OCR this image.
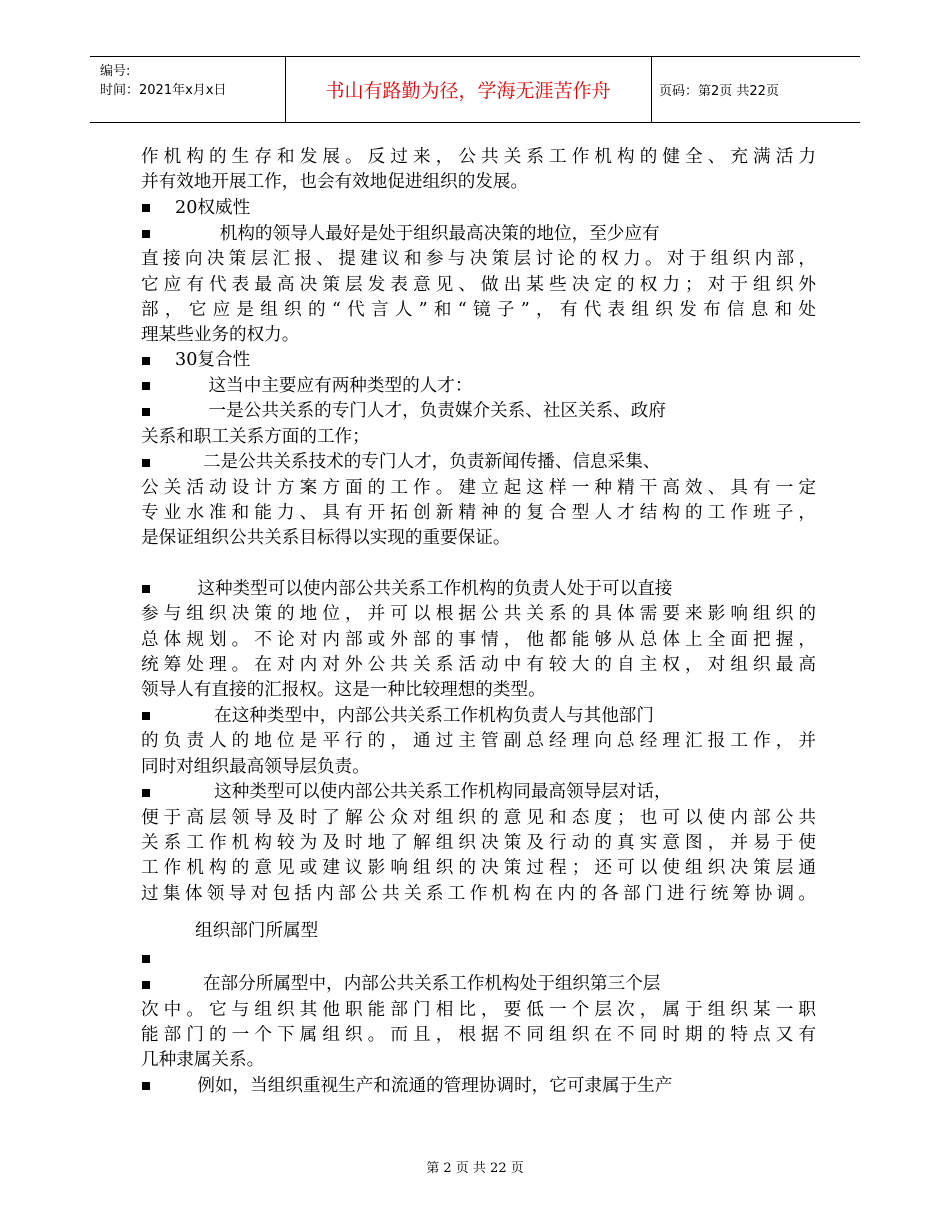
编号:
时间：2021年x月x日	书山有路勤为径，学海无涯苦作舟	页码：第2页 共22页
作机构的生存和发展。反过来，公共关系工作机构的健全、充满活力
并有效地开展工作，也会有效地促进组织的发展。
20权威性
机构的领导人最好是处于组织最高决策的地位，至少应有
直接向决策层汇报、提建议和参与决策层讨论的权力。对于组织内部，
它应有代表最高决策层发表意见、做出某些决定的权力；对于组织外
部，它应是组织的“代言人”和“镜子”，有代表组织发布信息和处
理某些业务的权力。
30复合性
这当中主要应有两种类型的人才：
一是公共关系的专门人才，负责媒介关系、社区关系、政府
关系和职工关系方面的工作；
二是公共关系技术的专门人才，负责新闻传播、信息采集、
公关活动设计方案方面的工作。建立起这样一种精干高效、具有一定
专业水准和能力、具有开拓创新精神的复合型人才结构的工作班子，
是保证组织公共关系目标得以实现的重要保证。
这种类型可以使内部公共关系工作机构的负责人处于可以直接
参与组织决策的地位，并可以根据公共关系的具体需要来影响组织的
总体规划。不论对内部或外部的事情，他都能够从总体上全面把握，
统筹处理。在对内对外公共关系活动中有较大的自主权，对组织最高
领导人有直接的汇报权。这是一种比较理想的类型。
在这种类型中，内部公共关系工作机构负责人与其他部门
的负责人的地位是平行的，通过主管副总经理向总经理汇报工作，并
同时对组织最高领导层负责。
这种类型可以使内部公共关系工作机构同最高领导层对话，
便于高层领导及时了解公众对组织的意见和态度；也可以使内部公共
关系工作机构较为及时地了解组织决策及行动的真实意图，并易于使
工作机构的意见或建议影响组织的决策过程；还可以使组织决策层通
过集体领导对包括内部公共关系工作机构在内的各部门进行统筹协调。
组织部门所属型
在部分所属型中，内部公共关系工作机构处于组织第三个层
次中。它与组织其他职能部门相比，要低一个层次，属于组织某一职
能部门的一个下属组织。而且，根据不同组织在不同时期的特点又有
几种隶属关系。
例如，当组织重视生产和流通的管理协调时，它可隶属于生产
第 2 页 共 22 页
